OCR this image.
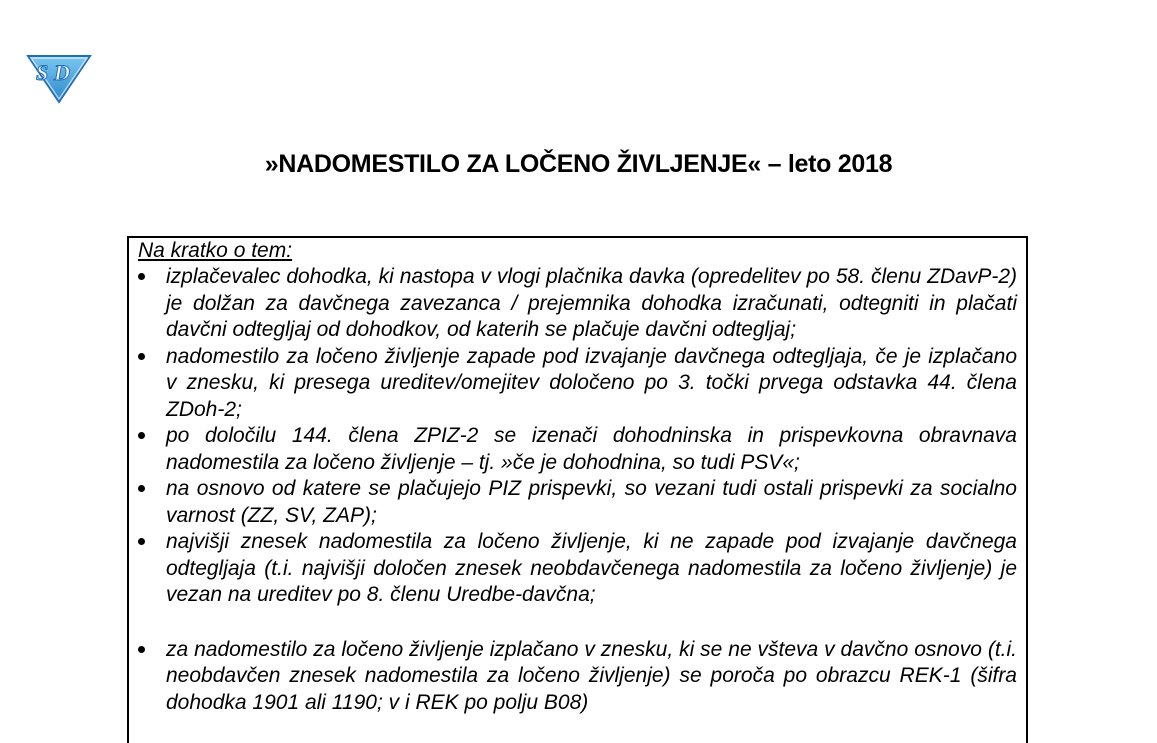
S D
»NADOMESTILO ZA LOČENO ŽIVLJENJE« – leto 2018
Na kratko o tem:
izplačevalec dohodka, ki nastopa v vlogi plačnika davka (opredelitev po 58. členu ZDavP-2) je dolžan za davčnega zavezanca / prejemnika dohodka izračunati, odtegniti in plačati davčni odtegljaj od dohodkov, od katerih se plačuje davčni odtegljaj;
nadomestilo za ločeno življenje zapade pod izvajanje davčnega odtegljaja, če je izplačano v znesku, ki presega ureditev/omejitev določeno po 3. točki prvega odstavka 44. člena ZDoh-2;
po določilu 144. člena ZPIZ-2 se izenači dohodninska in prispevkovna obravnava nadomestila za ločeno življenje – tj. »če je dohodnina, so tudi PSV«;
na osnovo od katere se plačujejo PIZ prispevki, so vezani tudi ostali prispevki za socialno varnost (ZZ, SV, ZAP);
najvišji znesek nadomestila za ločeno življenje, ki ne zapade pod izvajanje davčnega odtegljaja (t.i. najvišji določen znesek neobdavčenega nadomestila za ločeno življenje) je vezan na ureditev po 8. členu Uredbe-davčna;
za nadomestilo za ločeno življenje izplačano v znesku, ki se ne všteva v davčno osnovo (t.i. neobdavčen znesek nadomestila za ločeno življenje) se poroča po obrazcu REK-1 (šifra dohodka 1901 ali 1190; v i REK po polju B08)
